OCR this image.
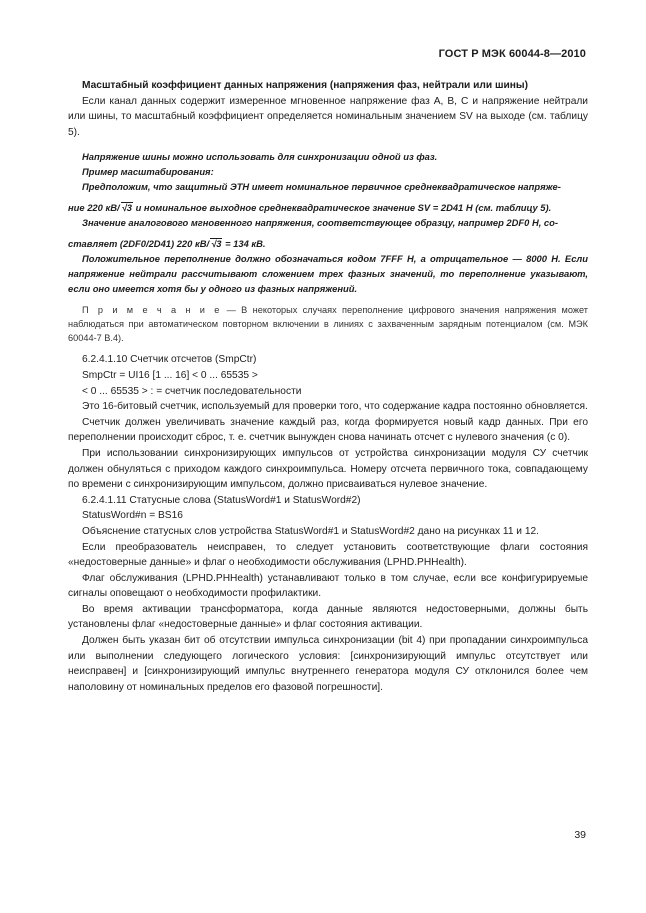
ГОСТ Р МЭК 60044-8—2010

Масштабный коэффициент данных напряжения (напряжения фаз, нейтрали или шины)

Если канал данных содержит измеренное мгновенное напряжение фаз А, В, С и напряжение нейтрали или шины, то масштабный коэффициент определяется номинальным значением SV на выходе (см. таблицу 5).

Напряжение шины можно использовать для синхронизации одной из фаз.
Пример масштабирования:
Предположим, что защитный ЭТН имеет номинальное первичное среднеквадратическое напряже-
ние 220 кВ/ √3 и номинальное выходное среднеквадратическое значение SV = 2D41 H (см. таблицу 5).
Значение аналогового мгновенного напряжения, соответствующее образцу, например 2DF0 H, со-
ставляет (2DF0/2D41) 220 кВ/ √3 = 134 кВ.
Положительное переполнение должно обозначаться кодом 7FFF H, а отрицательное — 8000 H. Если напряжение нейтрали рассчитывают сложением трех фазных значений, то переполнение указывают, если оно имеется хотя бы у одного из фазных напряжений.
П р и м е ч а н и е — В некоторых случаях переполнение цифрового значения напряжения может наблюдаться при автоматическом повторном включении в линиях с захваченным зарядным потенциалом (см. МЭК 60044-7 В.4).

6.2.4.1.10 Счетчик отсчетов (SmpCtr)

SmpCtr = UI16 [1 ... 16] < 0 ... 65535 >

< 0 ... 65535 > : = счетчик последовательности

Это 16-битовый счетчик, используемый для проверки того, что содержание кадра постоянно обновляется.

Счетчик должен увеличивать значение каждый раз, когда формируется новый кадр данных. При его переполнении происходит сброс, т. е. счетчик вынужден снова начинать отсчет с нулевого значения (с 0).

При использовании синхронизирующих импульсов от устройства синхронизации модуля СУ счетчик должен обнуляться с приходом каждого синхроимпульса. Номеру отсчета первичного тока, совпадающему по времени с синхронизирующим импульсом, должно присваиваться нулевое значение.

6.2.4.1.11 Статусные слова (StatusWord#1 и StatusWord#2)

StatusWord#n = BS16

Объяснение статусных слов устройства StatusWord#1 и StatusWord#2 дано на рисунках 11 и 12.

Если преобразователь неисправен, то следует установить соответствующие флаги состояния «недостоверные данные» и флаг о необходимости обслуживания (LPHD.PHHealth).

Флаг обслуживания (LPHD.PHHealth) устанавливают только в том случае, если все конфигурируемые сигналы оповещают о необходимости профилактики.

Во время активации трансформатора, когда данные являются недостоверными, должны быть установлены флаг «недостоверные данные» и флаг состояния активации.

Должен быть указан бит об отсутствии импульса синхронизации (bit 4) при пропадании синхроимпульса или выполнении следующего логического условия: [синхронизирующий импульс отсутствует или неисправен] и [синхронизирующий импульс внутреннего генератора модуля СУ отклонился более чем наполовину от номинальных пределов его фазовой погрешности].

39
